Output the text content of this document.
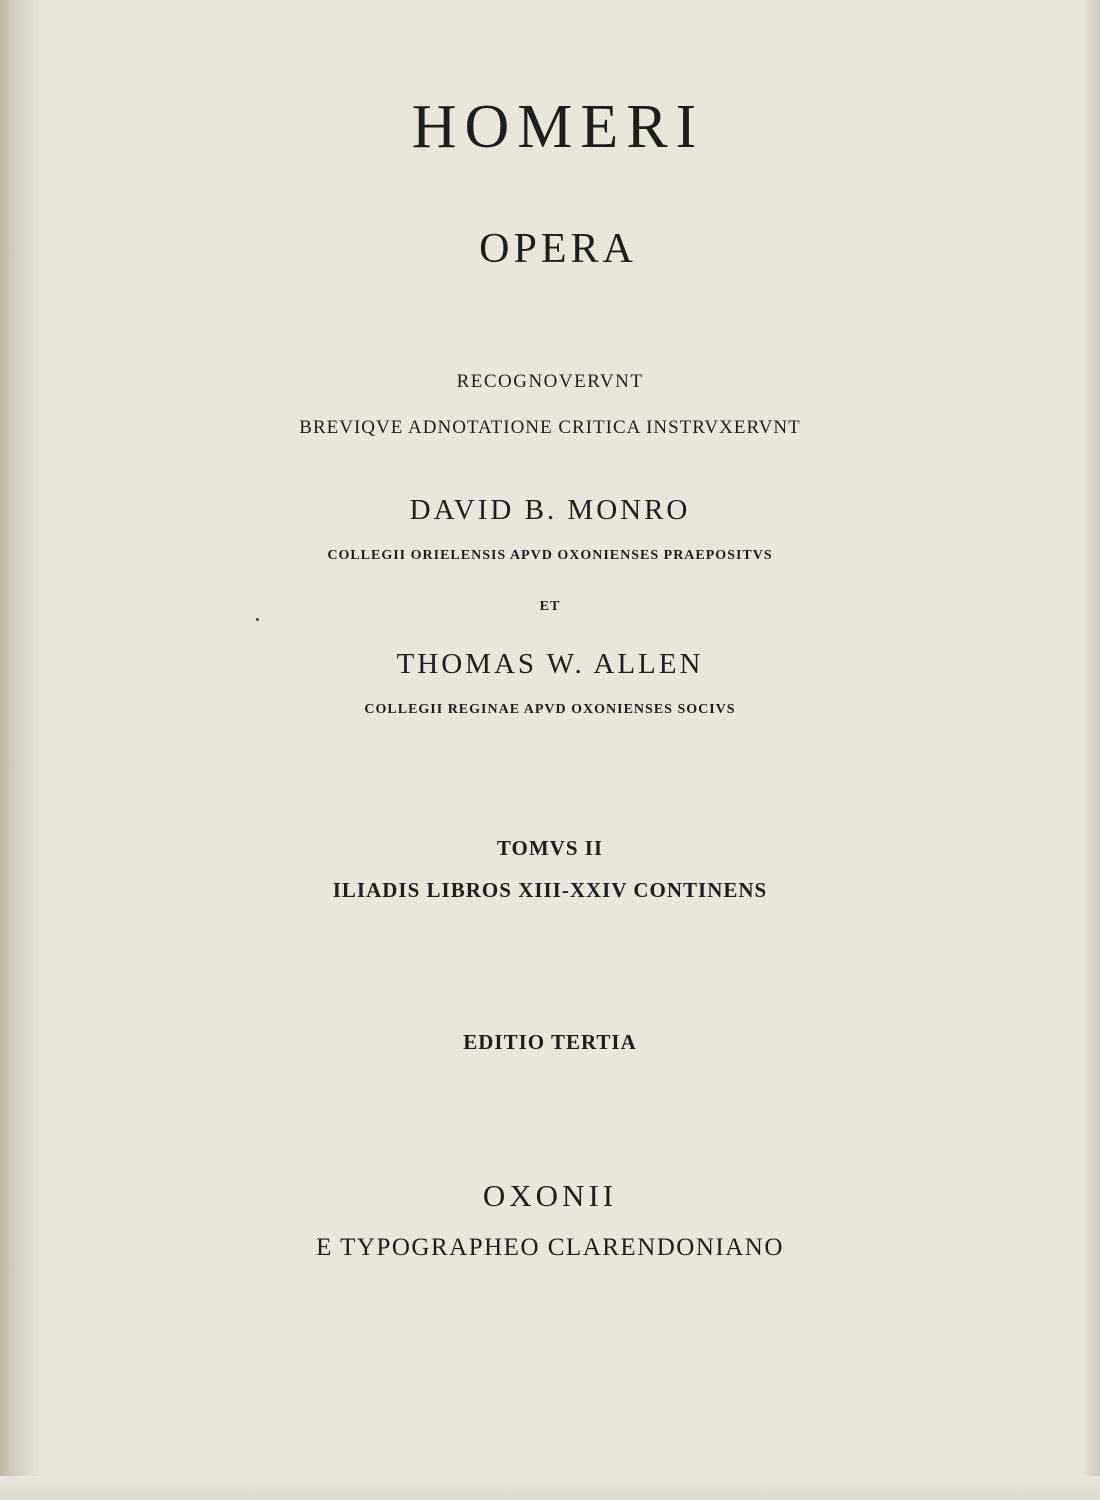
HOMERI
OPERA
RECOGNOVERVNT
BREVIQVE ADNOTATIONE CRITICA INSTRVXERVNT
DAVID B. MONRO
COLLEGII ORIELENSIS APVD OXONIENSES PRAEPOSITVS
ET
THOMAS W. ALLEN
COLLEGII REGINAE APVD OXONIENSES SOCIVS
TOMVS II
ILIADIS LIBROS XIII-XXIV CONTINENS
EDITIO TERTIA
OXONII
E TYPOGRAPHEO CLARENDONIANO
